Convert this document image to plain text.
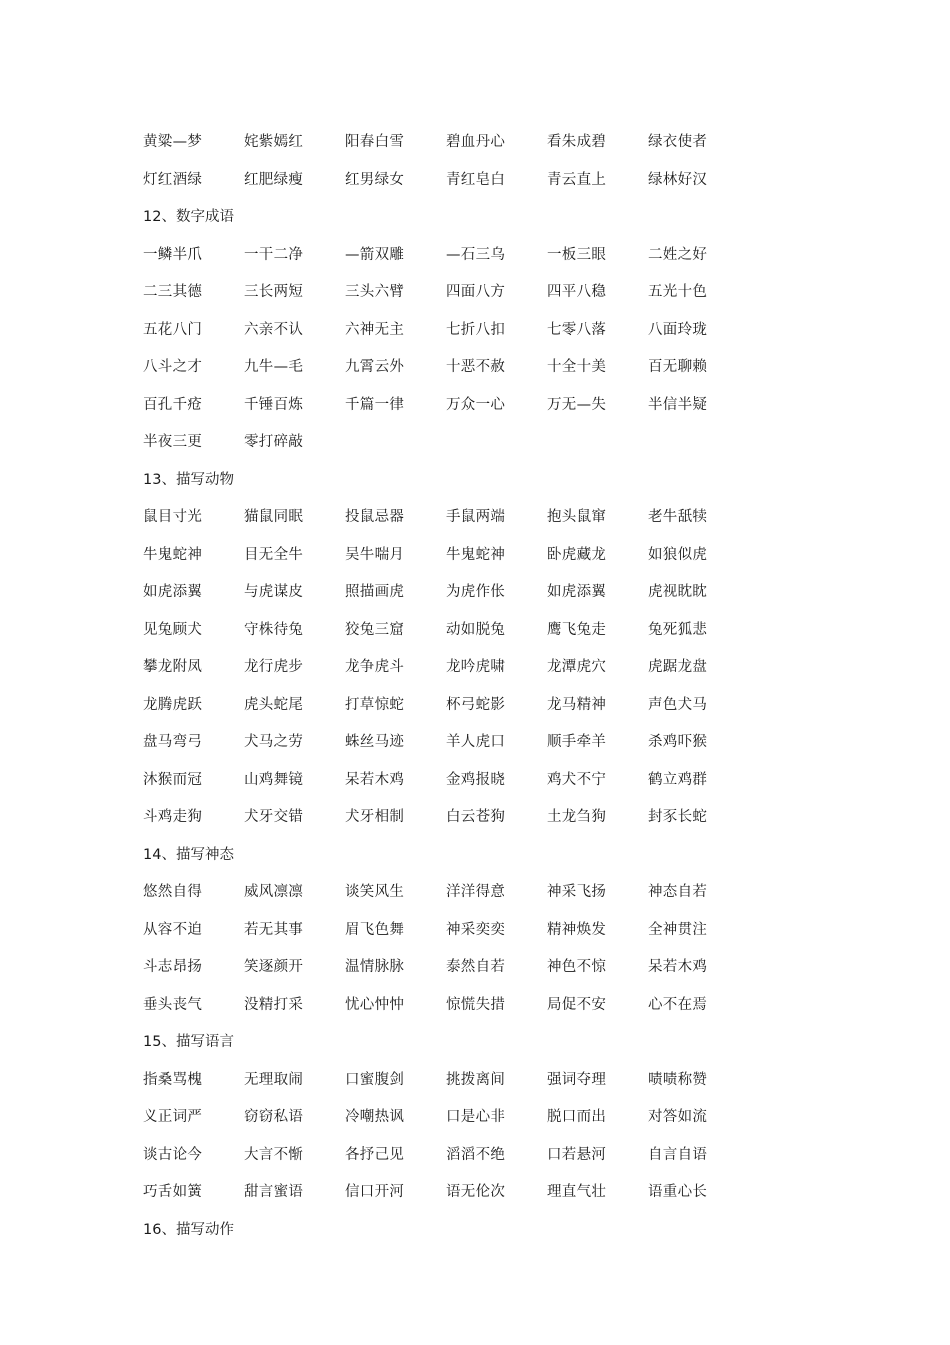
黄粱—梦	姹紫嫣红	阳春白雪	碧血丹心	看朱成碧	绿衣使者
灯红酒绿	红肥绿瘦	红男绿女	青红皂白	青云直上	绿林好汉
12、数字成语
一鳞半爪	一干二净	—箭双雕	—石三乌	一板三眼	二姓之好
二三其德	三长两短	三头六臂	四面八方	四平八稳	五光十色
五花八门	六亲不认	六神无主	七折八扣	七零八落	八面玲珑
八斗之才	九牛—毛	九霄云外	十恶不赦	十全十美	百无聊赖
百孔千疮	千锤百炼	千篇一律	万众一心	万无—失	半信半疑
半夜三更	零打碎敲
13、描写动物
鼠目寸光	猫鼠同眠	投鼠忌器	手鼠两端	抱头鼠窜	老牛舐犊
牛鬼蛇神	目无全牛	吴牛喘月	牛鬼蛇神	卧虎藏龙	如狼似虎
如虎添翼	与虎谋皮	照描画虎	为虎作伥	如虎添翼	虎视眈眈
见兔顾犬	守株待兔	狡兔三窟	动如脱兔	鹰飞兔走	兔死狐悲
攀龙附凤	龙行虎步	龙争虎斗	龙吟虎啸	龙潭虎穴	虎踞龙盘
龙腾虎跃	虎头蛇尾	打草惊蛇	杯弓蛇影	龙马精神	声色犬马
盘马弯弓	犬马之劳	蛛丝马迹	羊人虎口	顺手牵羊	杀鸡吓猴
沐猴而冠	山鸡舞镜	呆若木鸡	金鸡报晓	鸡犬不宁	鹤立鸡群
斗鸡走狗	犬牙交错	犬牙相制	白云苍狗	土龙刍狗	封豕长蛇
14、描写神态
悠然自得	威风凛凛	谈笑风生	洋洋得意	神采飞扬	神态自若
从容不迫	若无其事	眉飞色舞	神采奕奕	精神焕发	全神贯注
斗志昂扬	笑逐颜开	温情脉脉	泰然自若	神色不惊	呆若木鸡
垂头丧气	没精打采	忧心忡忡	惊慌失措	局促不安	心不在焉
15、描写语言
指桑骂槐	无理取闹	口蜜腹剑	挑拨离间	强词夺理	啧啧称赞
义正词严	窃窃私语	冷嘲热讽	口是心非	脱口而出	对答如流
谈古论今	大言不惭	各抒己见	滔滔不绝	口若悬河	自言自语
巧舌如簧	甜言蜜语	信口开河	语无伦次	理直气壮	语重心长
16、描写动作
